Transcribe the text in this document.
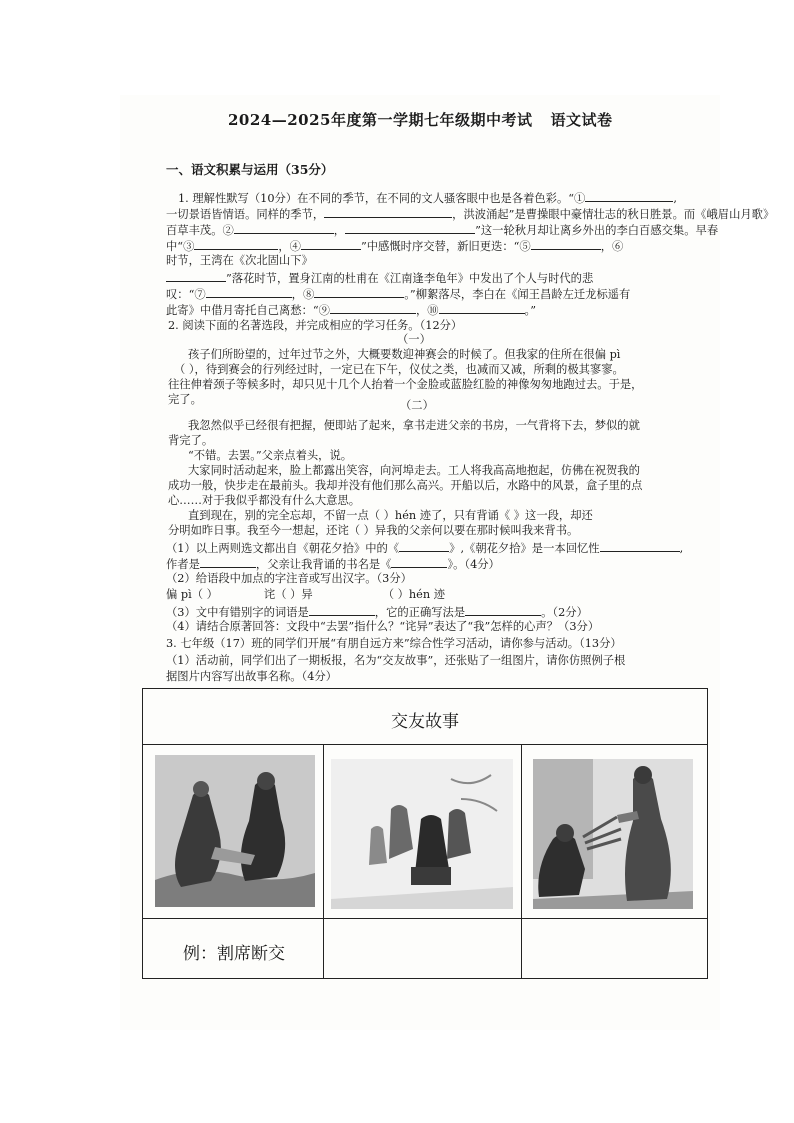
2024—2025年度第一学期七年级期中考试 语文试卷
一、语文积累与运用（35分）
1. 理解性默写（10分）在不同的季节，在不同的文人骚客眼中也是各着色彩。“①	,
一切景语皆情语。同样的季节，	，洪波涌起”是曹操眼中豪情壮志的秋日胜景。而《峨眉山月歌》
百草丰茂。②	，	”这一轮秋月却让离乡外出的李白百感交集。早春
中“③	，④	”中感慨时序交替，新旧更迭：“⑤	，⑥
时节，王湾在《次北固山下》
”落花时节，置身江南的杜甫在《江南逢李龟年》中发出了个人与时代的悲
叹：“⑦	，⑧	。”柳絮落尽，李白在《闻王昌龄左迁龙标遥有
此寄》中借月寄托自己离愁：“⑨	，⑩	。”
2. 阅读下面的名著选段，并完成相应的学习任务。（12分）
（一）
孩子们所盼望的，过年过节之外，大概要数迎神赛会的时候了。但我家的住所在很偏 pì
（ ），待到赛会的行列经过时，一定已在下午，仪仗之类，也减而又减，所剩的极其寥寥。
往往伸着颈子等候多时，却只见十几个人抬着一个金脸或蓝脸红脸的神像匆匆地跑过去。于是，
完了。	（二）
我忽然似乎已经很有把握，便即站了起来，拿书走进父亲的书房，一气背将下去，梦似的就
背完了。
“不错。去罢。”父亲点着头，说。
大家同时活动起来，脸上都露出笑容，向河埠走去。工人将我高高地抱起，仿佛在祝贺我的
成功一般，快步走在最前头。我却并没有他们那么高兴。开船以后，水路中的风景，盒子里的点
心……对于我似乎都没有什么大意思。
直到现在，别的完全忘却，不留一点（ ）hén 迹了，只有背诵《 》这一段，却还
分明如昨日事。我至今一想起，还诧（ ）异我的父亲何以要在那时候叫我来背书。
（1）以上两则选文都出自《朝花夕拾》中的《	》,《朝花夕拾》是一本回忆性	,
作者是	，父亲让我背诵的书名是《	》。（4分）
（2）给语段中加点的字注音或写出汉字。（3分）
偏 pì（ ）	诧（ ）异	（ ）hén 迹
（3）文中有错别字的词语是	，它的正确写法是	。（2分）
（4）请结合原著回答：文段中“去罢”指什么？“诧异”表达了“我”怎样的心声？（3分）
3. 七年级（17）班的同学们开展“有朋自远方来”综合性学习活动，请你参与活动。（13分）
（1）活动前，同学们出了一期板报，名为“交友故事”，还张贴了一组图片，请你仿照例子根
据图片内容写出故事名称。（4分）
交友故事
例：割席断交
